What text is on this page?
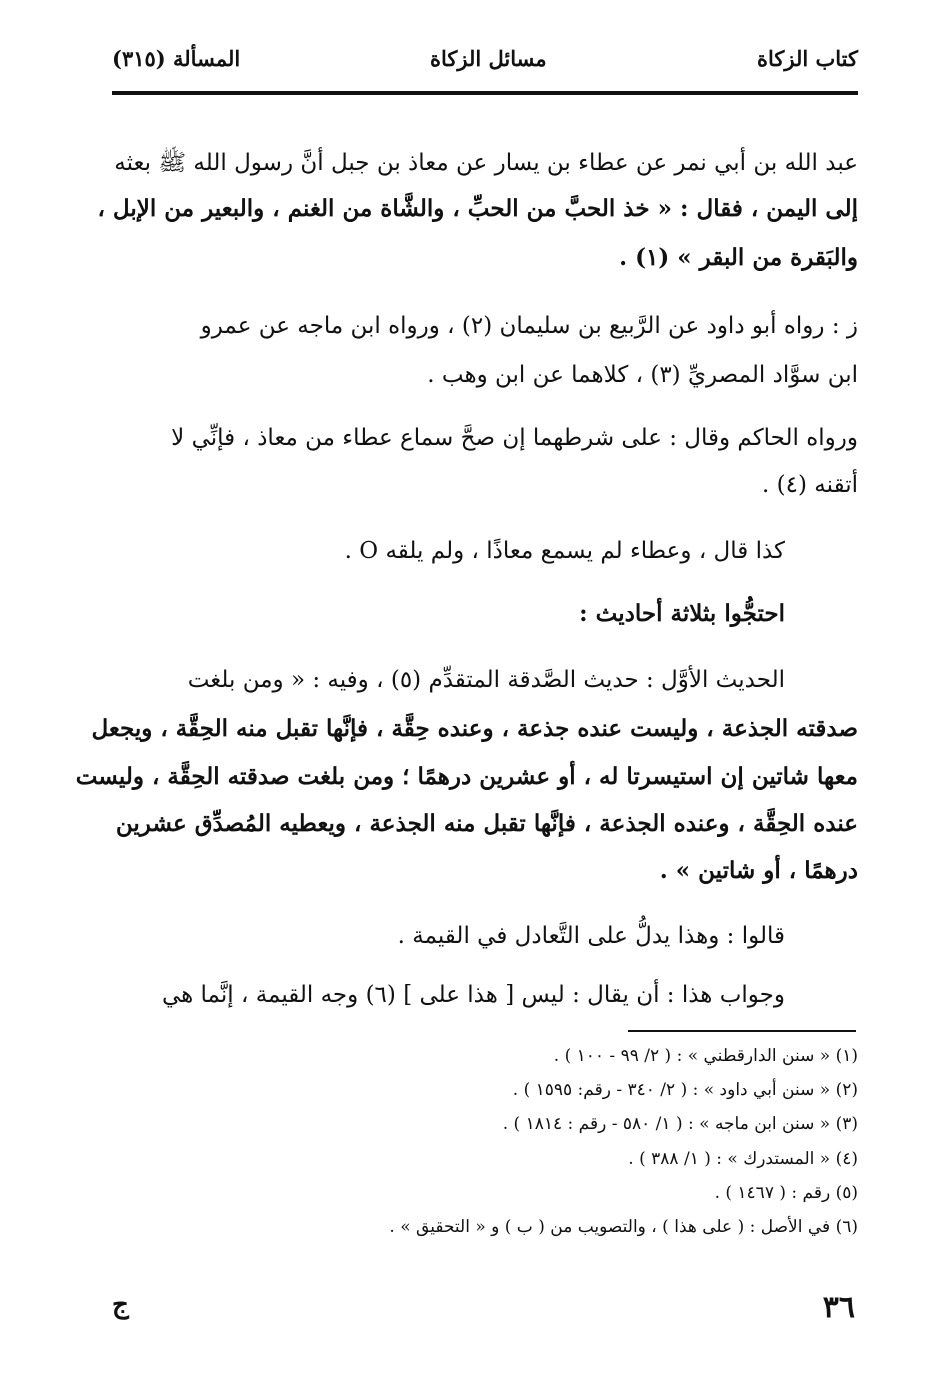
كتاب الزكاة
مسائل الزكاة
المسألة (٣١٥)
عبد الله بن أبي نمر عن عطاء بن يسار عن معاذ بن جبل أنَّ رسول الله ﷺ بعثه
إلى اليمن ، فقال : « خذ الحبَّ من الحبِّ ، والشَّاة من الغنم ، والبعير من الإبل ،
والبَقرة من البقر » (١) .
ز : رواه أبو داود عن الرَّبيع بن سليمان (٢) ، ورواه ابن ماجه عن عمرو
ابن سوَّاد المصريِّ (٣) ، كلاهما عن ابن وهب .
ورواه الحاكم وقال : على شرطهما إن صحَّ سماع عطاء من معاذ ، فإنِّي لا
أتقنه (٤) .
كذا قال ، وعطاء لم يسمع معاذًا ، ولم يلقه O .
احتجُّوا بثلاثة أحاديث :
الحديث الأوَّل : حديث الصَّدقة المتقدِّم (٥) ، وفيه : « ومن بلغت
صدقته الجذعة ، وليست عنده جذعة ، وعنده حِقَّة ، فإنَّها تقبل منه الحِقَّة ، ويجعل
معها شاتين إن استيسرتا له ، أو عشرين درهمًا ؛ ومن بلغت صدقته الحِقَّة ، وليست
عنده الحِقَّة ، وعنده الجذعة ، فإنَّها تقبل منه الجذعة ، ويعطيه المُصدِّق عشرين
درهمًا ، أو شاتين » .
قالوا : وهذا يدلُّ على التَّعادل في القيمة .
وجواب هذا : أن يقال : ليس [ هذا على ] (٦) وجه القيمة ، إنَّما هي
(١) « سنن الدارقطني » : ( ٢/ ٩٩ - ١٠٠ ) .
(٢) « سنن أبي داود » : ( ٢/ ٣٤٠ - رقم: ١٥٩٥ ) .
(٣) « سنن ابن ماجه » : ( ١/ ٥٨٠ - رقم : ١٨١٤ ) .
(٤) « المستدرك » : ( ١/ ٣٨٨ ) .
(٥) رقم : ( ١٤٦٧ ) .
(٦) في الأصل : ( على هذا ) ، والتصويب من ( ب ) و « التحقيق » .
٣٦
ج
